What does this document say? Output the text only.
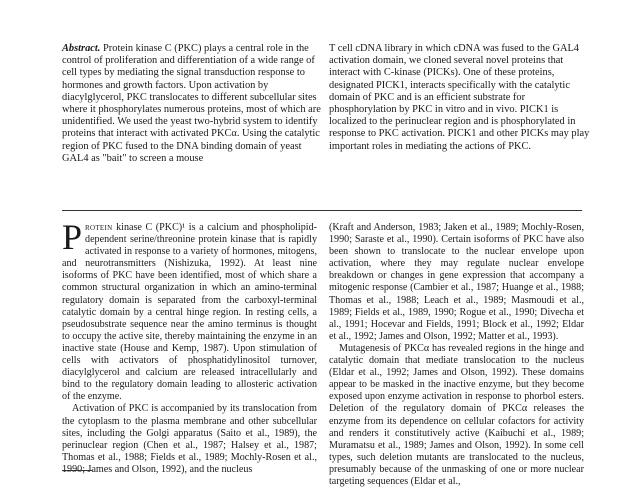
Abstract. Protein kinase C (PKC) plays a central role in the control of proliferation and differentiation of a wide range of cell types by mediating the signal transduction response to hormones and growth factors. Upon activation by diacylglycerol, PKC translocates to different subcellular sites where it phosphorylates numerous proteins, most of which are unidentified. We used the yeast two-hybrid system to identify proteins that interact with activated PKCα. Using the catalytic region of PKC fused to the DNA binding domain of yeast GAL4 as "bait" to screen a mouse

T cell cDNA library in which cDNA was fused to the GAL4 activation domain, we cloned several novel proteins that interact with C-kinase (PICKs). One of these proteins, designated PICK1, interacts specifically with the catalytic domain of PKC and is an efficient substrate for phosphorylation by PKC in vitro and in vivo. PICK1 is localized to the perinuclear region and is phosphorylated in response to PKC activation. PICK1 and other PICKs may play important roles in mediating the actions of PKC.

Protein kinase C (PKC)¹ is a calcium and phospholipid-dependent serine/threonine protein kinase that is rapidly activated in response to a variety of hormones, mitogens, and neurotransmitters (Nishizuka, 1992). At least nine isoforms of PKC have been identified, most of which share a common structural organization in which an amino-terminal regulatory domain is separated from the carboxyl-terminal catalytic domain by a central hinge region. In resting cells, a pseudosubstrate sequence near the amino terminus is thought to occupy the active site, thereby maintaining the enzyme in an inactive state (House and Kemp, 1987). Upon stimulation of cells with activators of phosphatidylinositol turnover, diacylglycerol and calcium are released intracellularly and bind to the regulatory domain leading to allosteric activation of the enzyme.

Activation of PKC is accompanied by its translocation from the cytoplasm to the plasma membrane and other subcellular sites, including the Golgi apparatus (Saito et al., 1989), the perinuclear region (Chen et al., 1987; Halsey et al., 1987; Thomas et al., 1988; Fields et al., 1989; Mochly-Rosen et al., 1990; James and Olson, 1992), and the nucleus

(Kraft and Anderson, 1983; Jaken et al., 1989; Mochly-Rosen, 1990; Saraste et al., 1990). Certain isoforms of PKC have also been shown to translocate to the nuclear envelope upon activation, where they may regulate nuclear envelope breakdown or changes in gene expression that accompany a mitogenic response (Cambier et al., 1987; Huange et al., 1988; Thomas et al., 1988; Leach et al., 1989; Masmoudi et al., 1989; Fields et al., 1989, 1990; Rogue et al., 1990; Divecha et al., 1991; Hocevar and Fields, 1991; Block et al., 1992; Eldar et al., 1992; James and Olson, 1992; Matter et al., 1993).

Mutagenesis of PKCα has revealed regions in the hinge and catalytic domain that mediate translocation to the nucleus (Eldar et al., 1992; James and Olson, 1992). These domains appear to be masked in the inactive enzyme, but they become exposed upon enzyme activation in response to phorbol esters. Deletion of the regulatory domain of PKCα releases the enzyme from its dependence on cellular cofactors for activity and renders it constitutively active (Kaibuchi et al., 1989; Muramatsu et al., 1989; James and Olson, 1992). In some cell types, such deletion mutants are translocated to the nucleus, presumably because of the unmasking of one or more nuclear targeting sequences (Eldar et al.,
